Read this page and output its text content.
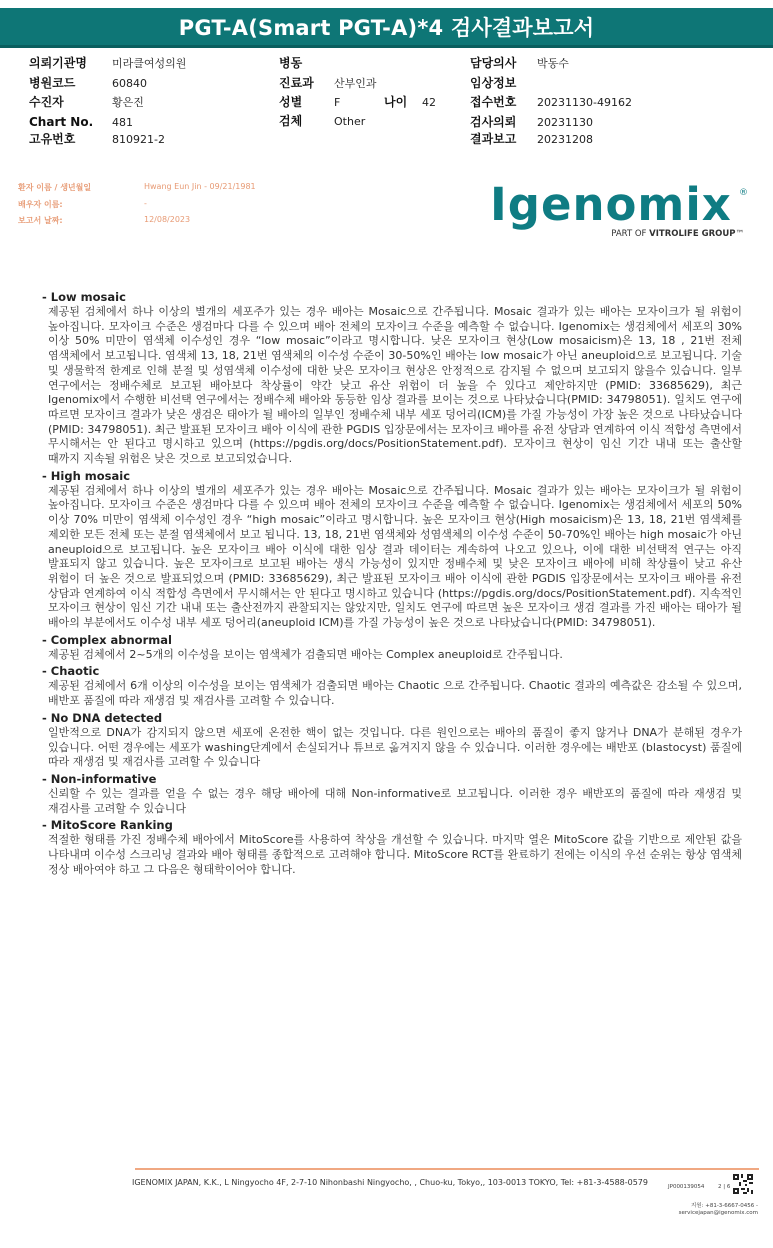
PGT-A(Smart PGT-A)*4 검사결과보고서
의뢰기관명 미라클여성의원
병원코드	60840
수진자	황은진
Chart No. 481
고유번호	810921-2
병동
진료과 산부인과
성별	F	나이 42
검체	Other
담당의사 박동수
임상정보
접수번호 20231130-49162
검사의뢰 20231130
결과보고 20231208
환자 이름 / 생년월일	Hwang Eun Jin - 09/21/1981
배우자 이름:	-
보고서 날짜:	12/08/2023	Igenomix ®
PART OF VITROLIFE GROUP™
- Low mosaic
제공된 검체에서 하나 이상의 별개의 세포주가 있는 경우 배아는 Mosaic으로 간주됩니다. Mosaic 결과가 있는 배아는 모자이크가 될 위험이 높아집니다. 모자이크 수준은 생검마다 다를 수 있으며 배아 전체의 모자이크 수준을 예측할 수 없습니다. Igenomix는 생검체에서 세포의 30% 이상 50% 미만이 염색체 이수성인 경우 “low mosaic”이라고 명시합니다. 낮은 모자이크 현상(Low mosaicism)은 13, 18 , 21번 전체 염색체에서 보고됩니다. 염색체 13, 18, 21번 염색체의 이수성 수준이 30-50%인 배아는 low mosaic가 아닌 aneuploid으로 보고됩니다. 기술 및 생물학적 한계로 인해 분절 및 성염색체 이수성에 대한 낮은 모자이크 현상은 안정적으로 감지될 수 없으며 보고되지 않을수 있습니다. 일부 연구에서는 정배수체로 보고된 배아보다 착상률이 약간 낮고 유산 위험이 더 높을 수 있다고 제안하지만 (PMID: 33685629), 최근 Igenomix에서 수행한 비선택 연구에서는 정배수체 배아와 동등한 임상 결과를 보이는 것으로 나타났습니다(PMID: 34798051). 일치도 연구에 따르면 모자이크 결과가 낮은 생검은 태아가 될 배아의 일부인 정배수체 내부 세포 덩어리(ICM)를 가질 가능성이 가장 높은 것으로 나타났습니다(PMID: 34798051). 최근 발표된 모자이크 배아 이식에 관한 PGDIS 입장문에서는 모자이크 배아를 유전 상담과 연계하여 이식 적합성 측면에서 무시해서는 안 된다고 명시하고 있으며 (https://pgdis.org/docs/PositionStatement.pdf). 모자이크 현상이 임신 기간 내내 또는 출산할 때까지 지속될 위험은 낮은 것으로 보고되었습니다.
- High mosaic
제공된 검체에서 하나 이상의 별개의 세포주가 있는 경우 배아는 Mosaic으로 간주됩니다. Mosaic 결과가 있는 배아는 모자이크가 될 위험이 높아집니다. 모자이크 수준은 생검마다 다를 수 있으며 배아 전체의 모자이크 수준을 예측할 수 없습니다. Igenomix는 생검체에서 세포의 50% 이상 70% 미만이 염색체 이수성인 경우 “high mosaic”이라고 명시합니다. 높은 모자이크 현상(High mosaicism)은 13, 18, 21번 염색체를 제외한 모든 전체 또는 분절 염색체에서 보고 됩니다. 13, 18, 21번 염색체와 성염색체의 이수성 수준이 50-70%인 배아는 high mosaic가 아닌 aneuploid으로 보고됩니다. 높은 모자이크 배아 이식에 대한 임상 결과 데이터는 계속하여 나오고 있으나, 이에 대한 비선택적 연구는 아직 발표되지 않고 있습니다. 높은 모자이크로 보고된 배아는 생식 가능성이 있지만 정배수체 및 낮은 모자이크 배아에 비해 착상률이 낮고 유산 위험이 더 높은 것으로 발표되었으며 (PMID: 33685629), 최근 발표된 모자이크 배아 이식에 관한 PGDIS 입장문에서는 모자이크 배아를 유전 상담과 연계하여 이식 적합성 측면에서 무시해서는 안 된다고 명시하고 있습니다 (https://pgdis.org/docs/PositionStatement.pdf). 지속적인 모자이크 현상이 임신 기간 내내 또는 출산전까지 관찰되지는 않았지만, 일치도 연구에 따르면 높은 모자이크 생검 결과를 가진 배아는 태아가 될 배아의 부분에서도 이수성 내부 세포 덩어리(aneuploid ICM)를 가질 가능성이 높은 것으로 나타났습니다(PMID: 34798051).
- Complex abnormal
제공된 검체에서 2~5개의 이수성을 보이는 염색체가 검출되면 배아는 Complex aneuploid로 간주됩니다.
- Chaotic
제공된 검체에서 6개 이상의 이수성을 보이는 염색체가 검출되면 배아는 Chaotic 으로 간주됩니다. Chaotic 결과의 예측값은 감소될 수 있으며, 배반포 품질에 따라 재생검 및 재검사를 고려할 수 있습니다.
- No DNA detected
일반적으로 DNA가 감지되지 않으면 세포에 온전한 핵이 없는 것입니다. 다른 원인으로는 배아의 품질이 좋지 않거나 DNA가 분해된 경우가 있습니다. 어떤 경우에는 세포가 washing단계에서 손실되거나 튜브로 옮겨지지 않을 수 있습니다. 이러한 경우에는 배반포 (blastocyst) 품질에 따라 재생검 및 재검사를 고려할 수 있습니다
- Non-informative
신뢰할 수 있는 결과를 얻을 수 없는 경우 해당 배아에 대해 Non-informative로 보고됩니다. 이러한 경우 배반포의 품질에 따라 재생검 및 재검사를 고려할 수 있습니다
- MitoScore Ranking
적절한 형태를 가진 정배수체 배아에서 MitoScore를 사용하여 착상을 개선할 수 있습니다. 마지막 열은 MitoScore 값을 기반으로 제안된 값을 나타내며 이수성 스크리닝 결과와 배아 형태를 종합적으로 고려해야 합니다. MitoScore RCT를 완료하기 전에는 이식의 우선 순위는 항상 염색체 정상 배아여야 하고 그 다음은 형태학이어야 합니다.
IGENOMIX JAPAN, K.K., L Ningyocho 4F, 2-7-10 Nihonbashi Ningyocho, , Chuo-ku, Tokyo,, 103-0013 TOKYO, Tel: +81-3-4588-0579	JP000139054 2 | 6
지원: +81-3-6667-0456 -
servicejapan@igenomix.com
